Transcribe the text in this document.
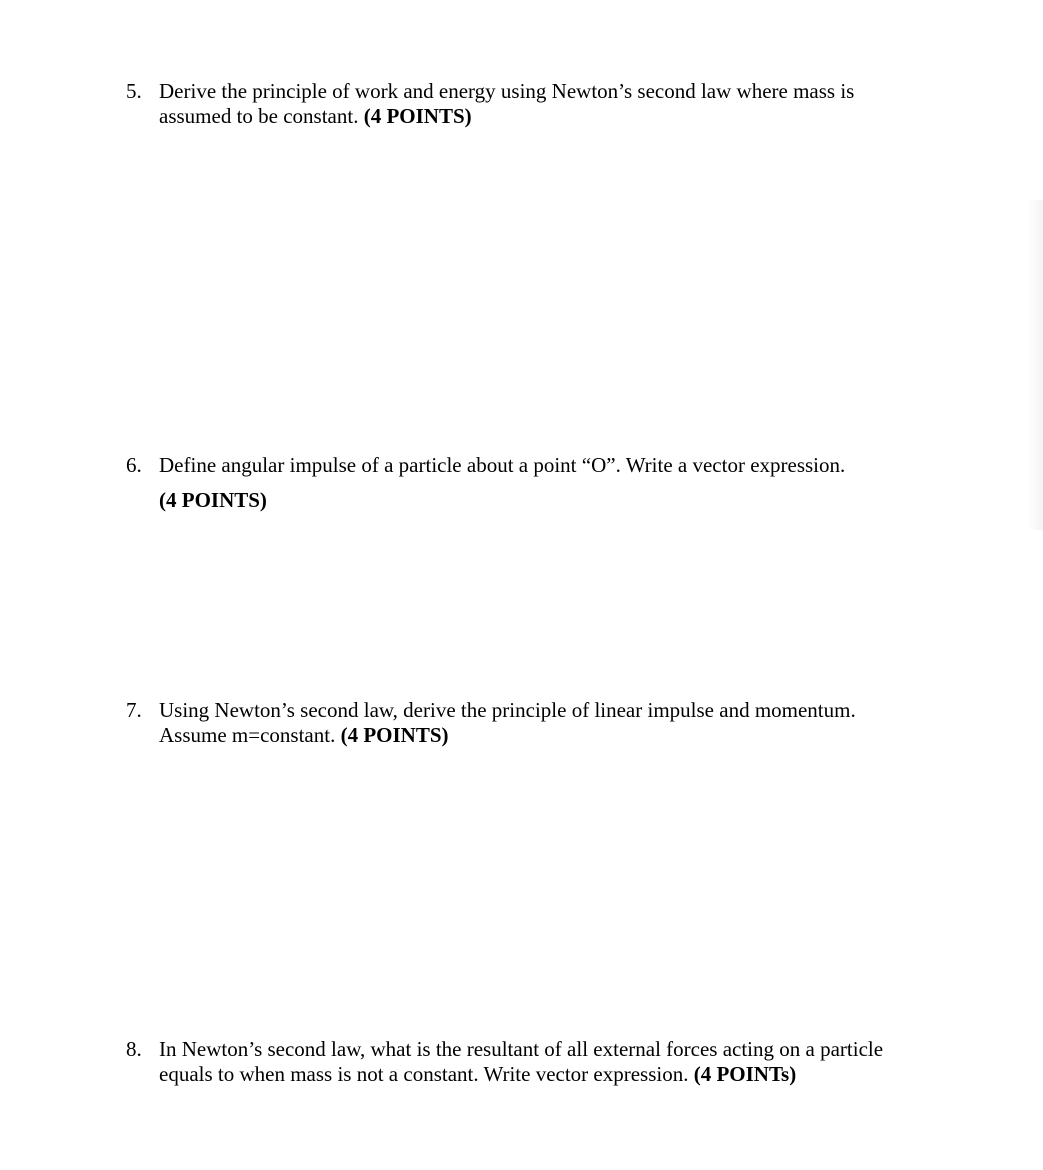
5. Derive the principle of work and energy using Newton’s second law where mass is assumed to be constant. (4 POINTS)
6. Define angular impulse of a particle about a point “O”. Write a vector expression.
(4 POINTS)
7. Using Newton’s second law, derive the principle of linear impulse and momentum. Assume m=constant. (4 POINTS)
8. In Newton’s second law, what is the resultant of all external forces acting on a particle equals to when mass is not a constant. Write vector expression. (4 POINTs)
